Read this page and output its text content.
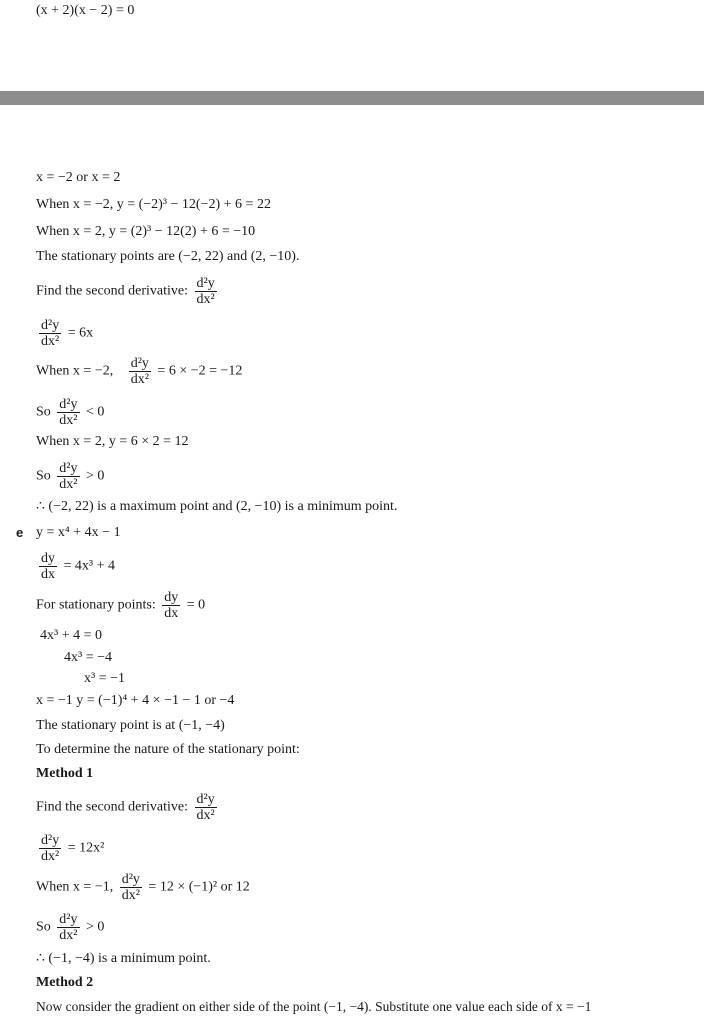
(x + 2)(x − 2) = 0
x = −2 or x = 2
When x = −2, y = (−2)³ − 12(−2) + 6 = 22
When x = 2, y = (2)³ − 12(2) + 6 = −10
The stationary points are (−2, 22) and (2, −10).
Find the second derivative: $\frac{\text{d²y}}{\text{dx²}}$
$\frac{\text{d²y}}{\text{dx²}} = 6x$
When x = −2, $\frac{\text{d²y}}{\text{dx²}} = 6 \times -2 = -12$
So $\frac{\text{d²y}}{\text{dx²}} < 0$
When x = 2, y = 6 × 2 = 12
So $\frac{\text{d²y}}{\text{dx²}} > 0$
∴ (−2, 22) is a maximum point and (2, −10) is a minimum point.
e y = x⁴ + 4x − 1
$\frac{dy}{dx} = 4x^3 + 4$
For stationary points: $\frac{dy}{dx} = 0$
4x³ + 4 = 0
4x³ = −4
x³ = −1
x = −1 y = (−1)⁴ + 4 × −1 − 1 or −4
The stationary point is at (−1, −4)
To determine the nature of the stationary point:
Method 1
Find the second derivative: $\frac{\text{d²y}}{\text{dx²}}$
$\frac{\text{d²y}}{\text{dx²}} = 12x^2$
When x = −1, $\frac{\text{d²y}}{\text{dx²}} = 12 \times (-1)^2$ or 12
So $\frac{\text{d²y}}{\text{dx²}} > 0$
∴ (−1, −4) is a minimum point.
Method 2
Now consider the gradient on either side of the point (−1, −4). Substitute one value each side of x = −1
